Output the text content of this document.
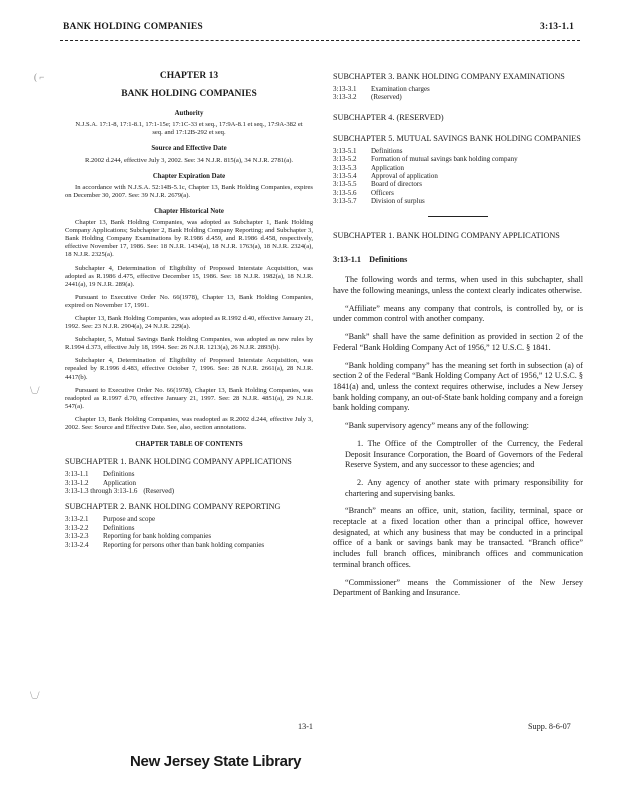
BANK HOLDING COMPANIES	3:13-1.1
( ⌐
\_/
\_/
CHAPTER 13
BANK HOLDING COMPANIES
Authority
N.J.S.A. 17:1-8, 17:1-8.1, 17:1-15e; 17:1C-33 et seq., 17:9A-8.1 et seq., 17:9A-382 et seq. and 17:12B-292 et seq.
Source and Effective Date
R.2002 d.244, effective July 3, 2002. See: 34 N.J.R. 815(a), 34 N.J.R. 2781(a).
Chapter Expiration Date
In accordance with N.J.S.A. 52:14B-5.1c, Chapter 13, Bank Holding Companies, expires on December 30, 2007. See: 39 N.J.R. 2679(a).
Chapter Historical Note
Chapter 13, Bank Holding Companies, was adopted as Subchapter 1, Bank Holding Company Applications; Subchapter 2, Bank Holding Company Reporting; and Subchapter 3, Bank Holding Company Examinations by R.1986 d.459, and R.1986 d.458, respectively, effective November 17, 1986. See: 18 N.J.R. 1434(a), 18 N.J.R. 1763(a), 18 N.J.R. 2324(a), 18 N.J.R. 2325(a).
Subchapter 4, Determination of Eligibility of Proposed Interstate Acquisition, was adopted as R.1986 d.475, effective December 15, 1986. See: 18 N.J.R. 1982(a), 18 N.J.R. 2441(a), 19 N.J.R. 289(a).
Pursuant to Executive Order No. 66(1978), Chapter 13, Bank Holding Companies, expired on November 17, 1991.
Chapter 13, Bank Holding Companies, was adopted as R.1992 d.40, effective January 21, 1992. See: 23 N.J.R. 2904(a), 24 N.J.R. 229(a).
Subchapter, 5, Mutual Savings Bank Holding Companies, was adopted as new rules by R.1994 d.373, effective July 18, 1994. See: 26 N.J.R. 1213(a), 26 N.J.R. 2893(b).
Subchapter 4, Determination of Eligibility of Proposed Interstate Acquisition, was repealed by R.1996 d.483, effective October 7, 1996. See: 28 N.J.R. 2661(a), 28 N.J.R. 4417(b).
Pursuant to Executive Order No. 66(1978), Chapter 13, Bank Holding Companies, was readopted as R.1997 d.70, effective January 21, 1997. See: 28 N.J.R. 4851(a), 29 N.J.R. 547(a).
Chapter 13, Bank Holding Companies, was readopted as R.2002 d.244, effective July 3, 2002. See: Source and Effective Date. See, also, section annotations.
CHAPTER TABLE OF CONTENTS
SUBCHAPTER 1. BANK HOLDING COMPANY APPLICATIONS
3:13-1.1	Definitions
3:13-1.2	Application
3:13-1.3 through 3:13-1.6 (Reserved)
SUBCHAPTER 2. BANK HOLDING COMPANY REPORTING
3:13-2.1	Purpose and scope
3:13-2.2	Definitions
3:13-2.3	Reporting for bank holding companies
3:13-2.4	Reporting for persons other than bank holding companies
SUBCHAPTER 3. BANK HOLDING COMPANY EXAMINATIONS
3:13-3.1	Examination charges
3:13-3.2	(Reserved)
SUBCHAPTER 4. (RESERVED)
SUBCHAPTER 5. MUTUAL SAVINGS BANK HOLDING COMPANIES
3:13-5.1	Definitions
3:13-5.2	Formation of mutual savings bank holding company
3:13-5.3	Application
3:13-5.4	Approval of application
3:13-5.5	Board of directors
3:13-5.6	Officers
3:13-5.7	Division of surplus
SUBCHAPTER 1. BANK HOLDING COMPANY APPLICATIONS
3:13-1.1 Definitions
The following words and terms, when used in this subchapter, shall have the following meanings, unless the context clearly indicates otherwise.
“Affiliate” means any company that controls, is controlled by, or is under common control with another company.
“Bank” shall have the same definition as provided in section 2 of the Federal “Bank Holding Company Act of 1956,” 12 U.S.C. § 1841.
“Bank holding company” has the meaning set forth in subsection (a) of section 2 of the Federal “Bank Holding Company Act of 1956,” 12 U.S.C. § 1841(a) and, unless the context requires otherwise, includes a New Jersey bank holding company, an out-of-State bank holding company and a foreign bank holding company.
“Bank supervisory agency” means any of the following:
1. The Office of the Comptroller of the Currency, the Federal Deposit Insurance Corporation, the Board of Governors of the Federal Reserve System, and any successor to these agencies; and
2. Any agency of another state with primary responsibility for chartering and supervising banks.
“Branch” means an office, unit, station, facility, terminal, space or receptacle at a fixed location other than a principal office, however designated, at which any business that may be conducted in a principal office of a bank or savings bank may be transacted. “Branch office” includes full branch offices, minibranch offices and communication terminal branch offices.
“Commissioner” means the Commissioner of the New Jersey Department of Banking and Insurance.
13-1	Supp. 8-6-07
New Jersey State Library
